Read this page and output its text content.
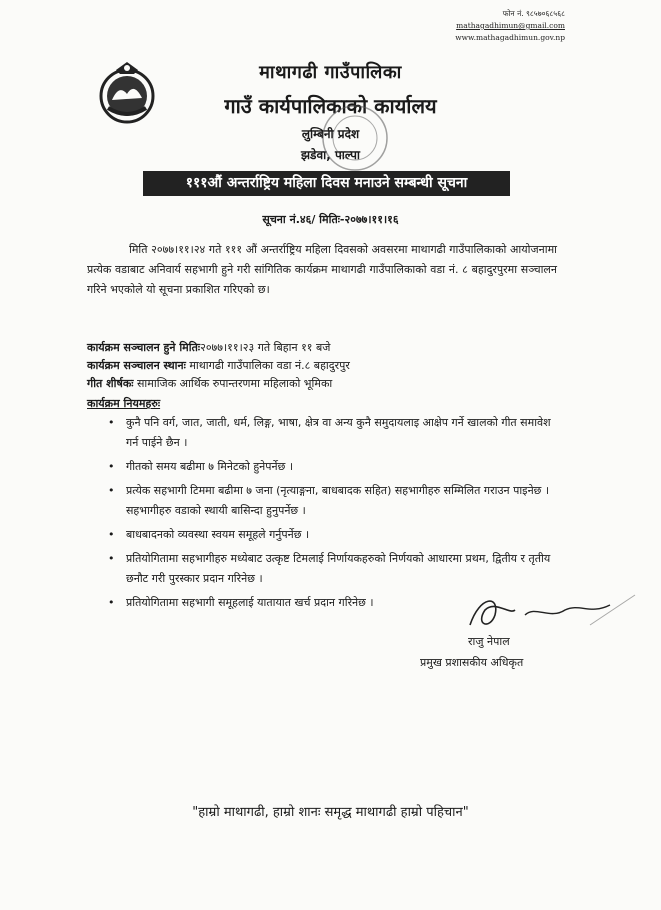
फोन नं. ९८५७०६८५६८
mathagadhimun@gmail.com
www.mathagadhimun.gov.np
माथागढी गाउँपालिका
गाउँ कार्यपालिकाको कार्यालय
लुम्बिनी प्रदेश
झडेवा, पाल्पा
१११औं अन्तर्राष्ट्रिय महिला दिवस मनाउने सम्बन्धी सूचना
सूचना नं.४६/ मितिः-२०७७।११।१६
मिति २०७७।११।२४ गते १११ औं अन्तर्राष्ट्रिय महिला दिवसको अवसरमा माथागढी गाउँपालिकाको आयोजनामा प्रत्येक वडाबाट अनिवार्य सहभागी हुने गरी सांगितिक कार्यक्रम माथागढी गाउँपालिकाको वडा नं. ८ बहादुरपुरमा सञ्चालन गरिने भएकोले यो सूचना प्रकाशित गरिएको छ।
कार्यक्रम सञ्चालन हुने मितिः२०७७।११।२३ गते बिहान ११ बजे
कार्यक्रम सञ्चालन स्थानः माथागढी गाउँपालिका वडा नं.८ बहादुरपुर
गीत शीर्षकः सामाजिक आर्थिक रुपान्तरणमा महिलाको भूमिका
कार्यक्रम नियमहरुः
• कुनै पनि वर्ग, जात, जाती, धर्म, लिङ्ग, भाषा, क्षेत्र वा अन्य कुनै समुदायलाइ आक्षेप गर्ने खालको गीत समावेश गर्न पाईने छैन ।
• गीतको समय बढीमा ७ मिनेटको हुनेपर्नेछ ।
• प्रत्येक सहभागी टिममा बढीमा ७ जना (नृत्याङ्गना, बाधबादक सहित) सहभागीहरु सम्मिलित गराउन पाइनेछ ।सहभागीहरु वडाको स्थायी बासिन्दा हुनुपर्नेछ ।
• बाधबादनको व्यवस्था स्वयम समूहले गर्नुपर्नेछ ।
• प्रतियोगितामा सहभागीहरु मध्येबाट उत्कृष्ट टिमलाई निर्णायकहरुको निर्णयको आधारमा प्रथम, द्वितीय र तृतीय छनौट गरी पुरस्कार प्रदान गरिनेछ ।
• प्रतियोगितामा सहभागी समूहलाई यातायात खर्च प्रदान गरिनेछ ।
राजु नेपाल
प्रमुख प्रशासकीय अधिकृत
"हाम्रो माथागढी, हाम्रो शानः समृद्ध माथागढी हाम्रो पहिचान"
